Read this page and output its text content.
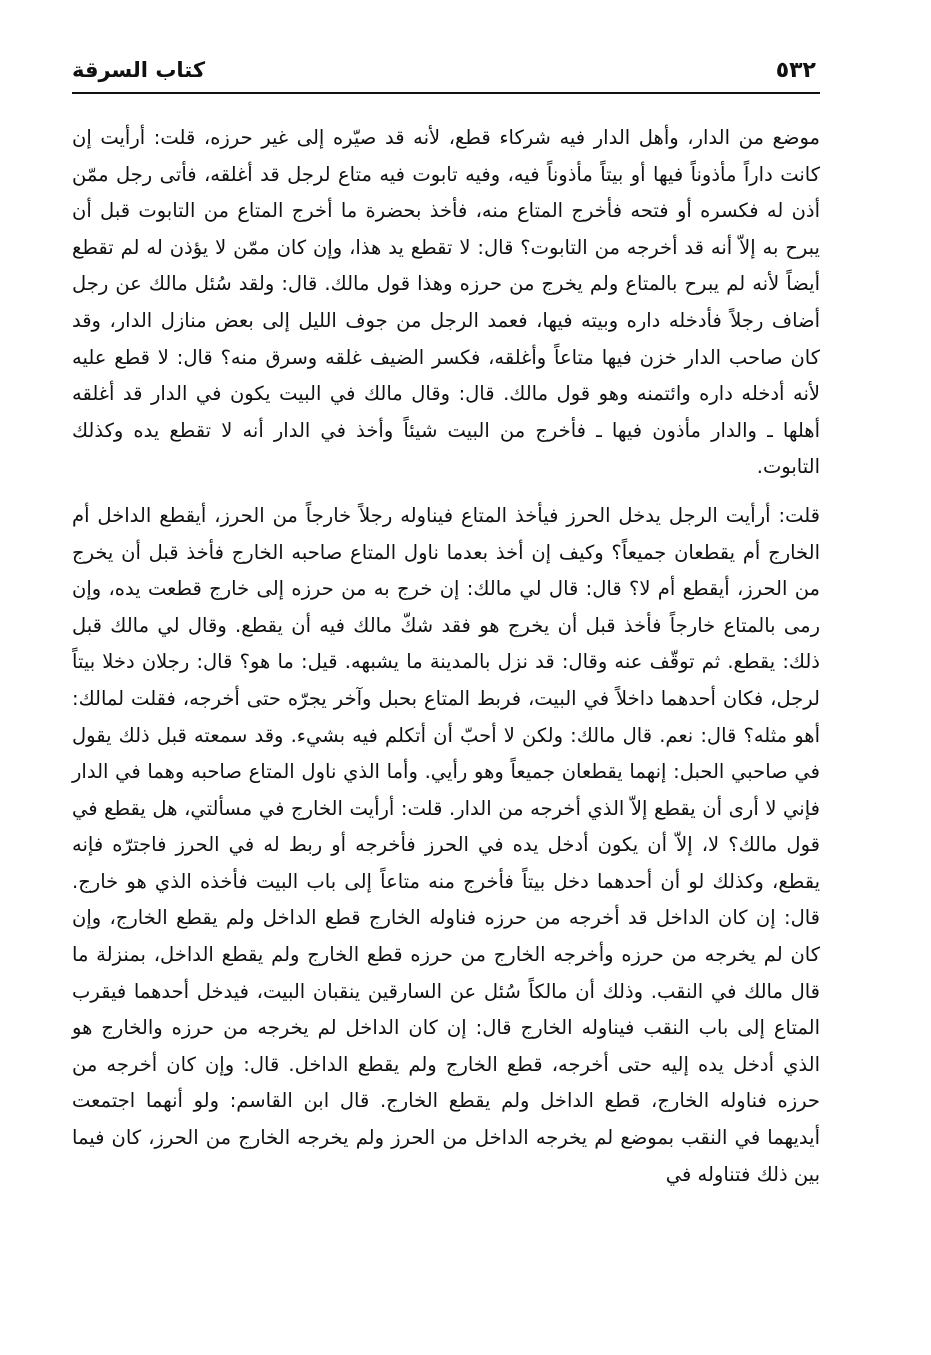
٥٣٢
كتاب السرقة

موضع من الدار، وأهل الدار فيه شركاء قطع، لأنه قد صيّره إلى غير حرزه، قلت: أرأيت إن كانت داراً مأذوناً فيها أو بيتاً مأذوناً فيه، وفيه تابوت فيه متاع لرجل قد أغلقه، فأتى رجل ممّن أذن له فكسره أو فتحه فأخرج المتاع منه، فأخذ بحضرة ما أخرج المتاع من التابوت قبل أن يبرح به إلاّ أنه قد أخرجه من التابوت؟ قال: لا تقطع يد هذا، وإن كان ممّن لا يؤذن له لم تقطع أيضاً لأنه لم يبرح بالمتاع ولم يخرج من حرزه وهذا قول مالك. قال: ولقد سُئل مالك عن رجل أضاف رجلاً فأدخله داره وبيته فيها، فعمد الرجل من جوف الليل إلى بعض منازل الدار، وقد كان صاحب الدار خزن فيها متاعاً وأغلقه، فكسر الضيف غلقه وسرق منه؟ قال: لا قطع عليه لأنه أدخله داره وائتمنه وهو قول مالك. قال: وقال مالك في البيت يكون في الدار قد أغلقه أهلها ـ والدار مأذون فيها ـ فأخرج من البيت شيئاً وأخذ في الدار أنه لا تقطع يده وكذلك التابوت.

قلت: أرأيت الرجل يدخل الحرز فيأخذ المتاع فيناوله رجلاً خارجاً من الحرز، أيقطع الداخل أم الخارج أم يقطعان جميعاً؟ وكيف إن أخذ بعدما ناول المتاع صاحبه الخارج فأخذ قبل أن يخرج من الحرز، أيقطع أم لا؟ قال: قال لي مالك: إن خرج به من حرزه إلى خارج قطعت يده، وإن رمى بالمتاع خارجاً فأخذ قبل أن يخرج هو فقد شكّ مالك فيه أن يقطع. وقال لي مالك قبل ذلك: يقطع. ثم توقّف عنه وقال: قد نزل بالمدينة ما يشبهه. قيل: ما هو؟ قال: رجلان دخلا بيتاً لرجل، فكان أحدهما داخلاً في البيت، فربط المتاع بحبل وآخر يجرّه حتى أخرجه، فقلت لمالك: أهو مثله؟ قال: نعم. قال مالك: ولكن لا أحبّ أن أتكلم فيه بشيء. وقد سمعته قبل ذلك يقول في صاحبي الحبل: إنهما يقطعان جميعاً وهو رأيي. وأما الذي ناول المتاع صاحبه وهما في الدار فإني لا أرى أن يقطع إلاّ الذي أخرجه من الدار. قلت: أرأيت الخارج في مسألتي، هل يقطع في قول مالك؟ لا، إلاّ أن يكون أدخل يده في الحرز فأخرجه أو ربط له في الحرز فاجترّه فإنه يقطع، وكذلك لو أن أحدهما دخل بيتاً فأخرج منه متاعاً إلى باب البيت فأخذه الذي هو خارج. قال: إن كان الداخل قد أخرجه من حرزه فناوله الخارج قطع الداخل ولم يقطع الخارج، وإن كان لم يخرجه من حرزه وأخرجه الخارج من حرزه قطع الخارج ولم يقطع الداخل، بمنزلة ما قال مالك في النقب. وذلك أن مالكاً سُئل عن السارقين ينقبان البيت، فيدخل أحدهما فيقرب المتاع إلى باب النقب فيناوله الخارج قال: إن كان الداخل لم يخرجه من حرزه والخارج هو الذي أدخل يده إليه حتى أخرجه، قطع الخارج ولم يقطع الداخل. قال: وإن كان أخرجه من حرزه فناوله الخارج، قطع الداخل ولم يقطع الخارج. قال ابن القاسم: ولو أنهما اجتمعت أيديهما في النقب بموضع لم يخرجه الداخل من الحرز ولم يخرجه الخارج من الحرز، كان فيما بين ذلك فتناوله في
